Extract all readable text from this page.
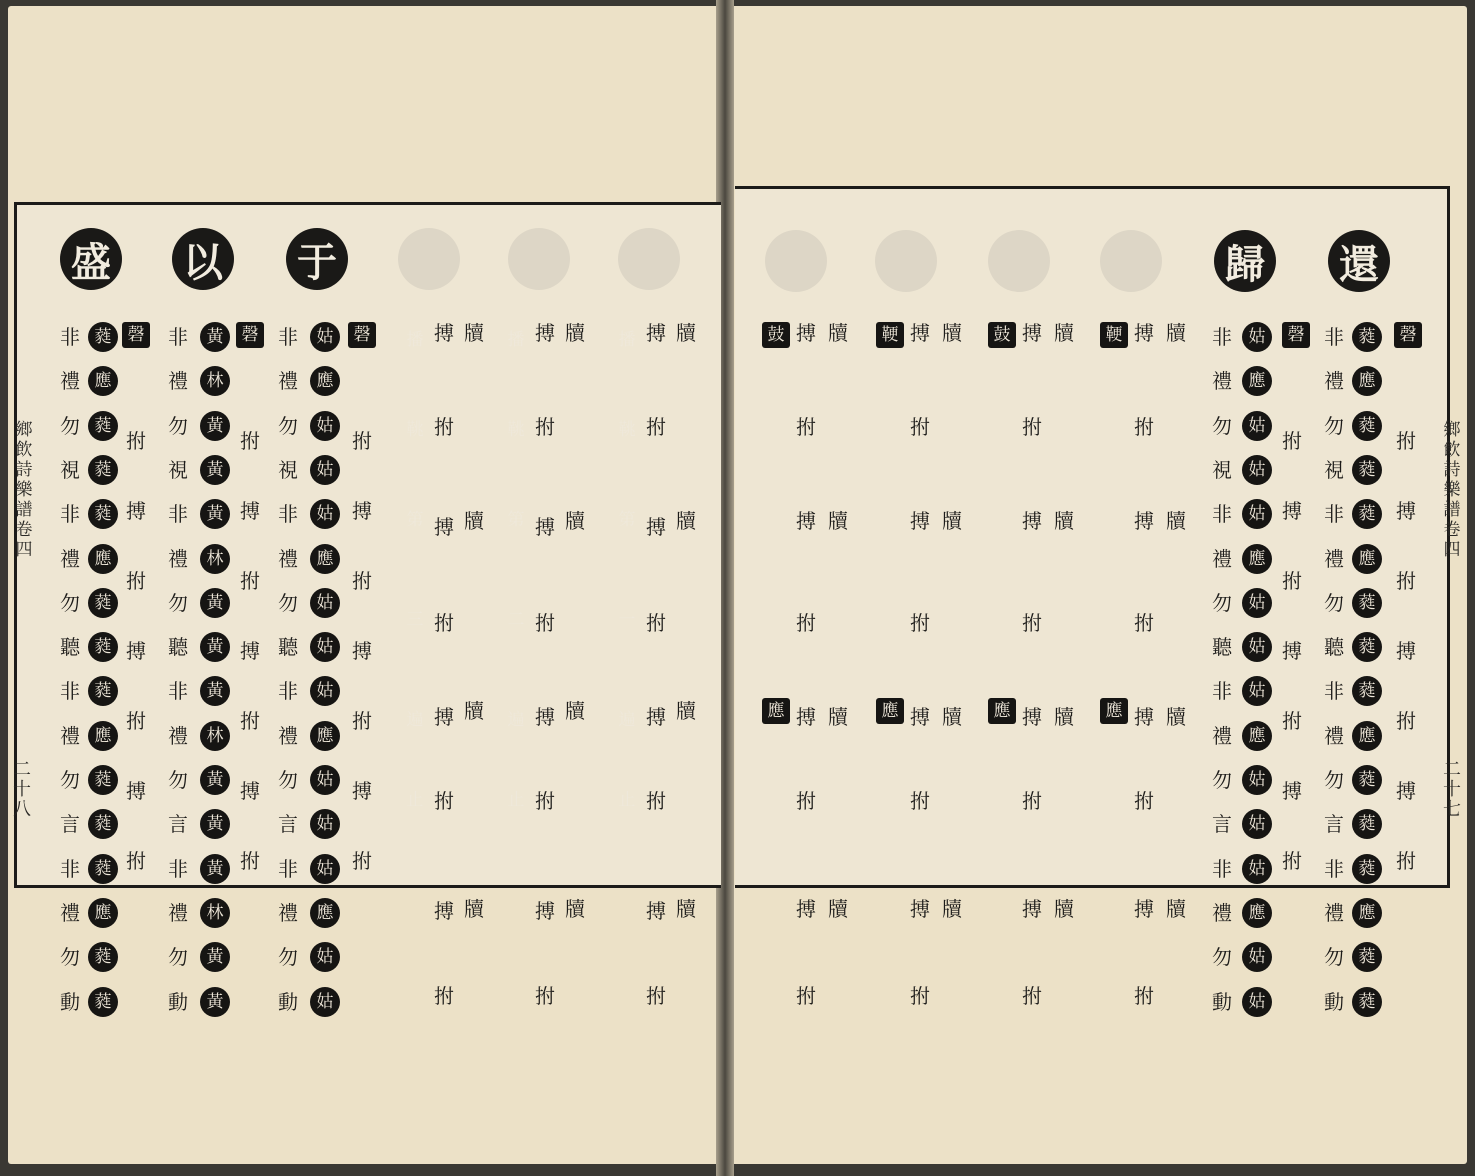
盛 以 于
鄉飲詩樂譜卷四
二十八
磬
非
禮
勿
視
非
禮
勿
聽
非
禮
勿
言
非
禮
勿
動
蕤
應
蕤
蕤
蕤
應
蕤
蕤
蕤
應
蕤
蕤
蕤
應
蕤
蕤
拊
搏
拊
搏
拊
搏
拊
磬
非
禮
勿
視
非
禮
勿
聽
非
禮
勿
言
非
禮
勿
動
黃
林
黃
黃
黃
林
黃
黃
黃
林
黃
黃
黃
林
黃
黃
拊
搏
拊
搏
拊
搏
拊
磬
非
禮
勿
視
非
禮
勿
聽
非
禮
勿
言
非
禮
勿
動
姑
應
姑
姑
姑
應
姑
姑
姑
應
姑
姑
姑
應
姑
姑
拊
搏
拊
搏
拊
搏
拊
播
鞉
第
三
遍
止
搏 牘
拊
牘
搏
拊
牘
搏
拊
牘
搏
拊
播
鞉
第
二
遍
止
搏 牘
拊
牘
搏
拊
牘
搏
拊
牘
搏
拊
播
鞉
第
一
遍
止
搏 牘
拊
牘
搏
拊
牘
搏
拊
牘
搏
拊
歸 還
鄉飲詩樂譜卷四
二十七
鼓
應
搏 牘
拊
搏 牘
拊
搏 牘
拊
搏 牘
拊
鞕
應
搏 牘
拊
搏 牘
拊
搏 牘
拊
搏 牘
拊
鼓
應
搏 牘
拊
搏 牘
拊
搏 牘
拊
搏 牘
拊
鞕
應
搏 牘
拊
搏 牘
拊
搏 牘
拊
搏 牘
拊
磬
非
禮
勿
視
非
禮
勿
聽
非
禮
勿
言
非
禮
勿
動
姑
應
姑
姑
姑
應
姑
姑
姑
應
姑
姑
姑
應
姑
姑
拊
搏
拊
搏
拊
搏
拊
磬
非
禮
勿
視
非
禮
勿
聽
非
禮
勿
言
非
禮
勿
動
蕤
應
蕤
蕤
蕤
應
蕤
蕤
蕤
應
蕤
蕤
蕤
應
蕤
蕤
拊
搏
拊
搏
拊
搏
拊
